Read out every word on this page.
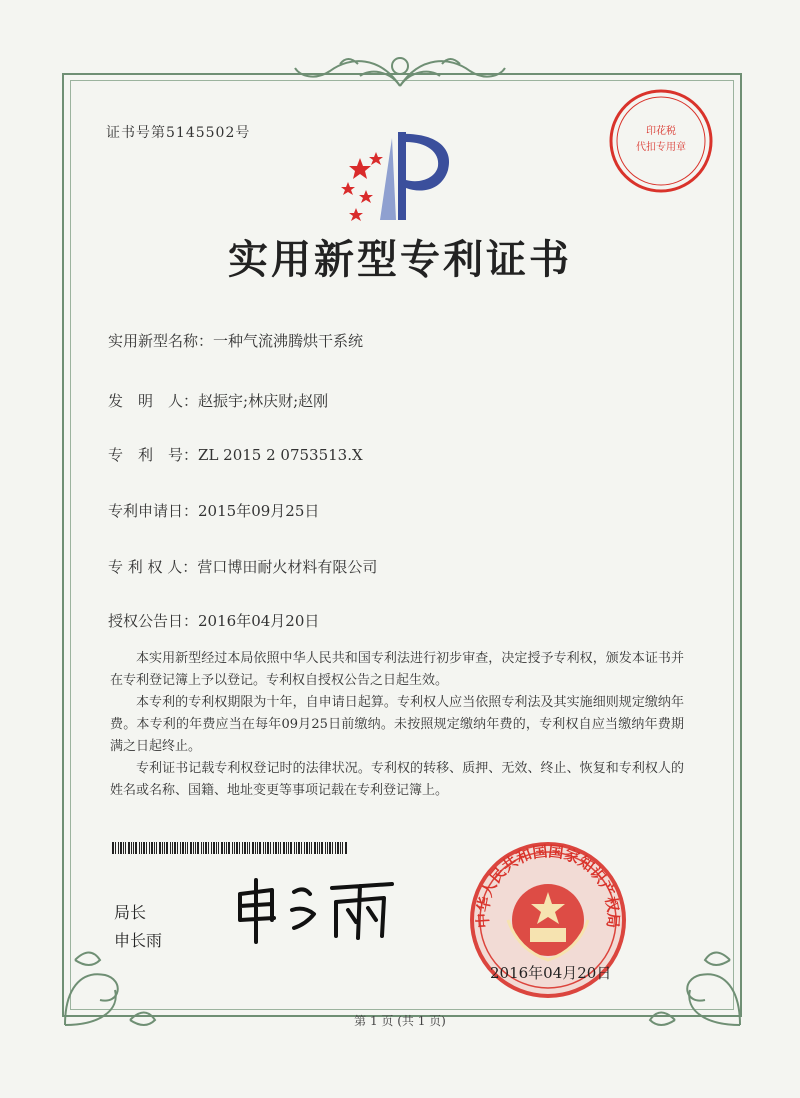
证书号第5145502号	印花税
代扣专用章
实用新型专利证书
实用新型名称：一种气流沸腾烘干系统
发　明　人：赵振宇;林庆财;赵刚
专　利　号：ZL 2015 2 0753513.X
专利申请日：2015年09月25日
专 利 权 人：营口博田耐火材料有限公司
授权公告日：2016年04月20日

本实用新型经过本局依照中华人民共和国专利法进行初步审查，决定授予专利权，颁发本证书并在专利登记簿上予以登记。专利权自授权公告之日起生效。

本专利的专利权期限为十年，自申请日起算。专利权人应当依照专利法及其实施细则规定缴纳年费。本专利的年费应当在每年09月25日前缴纳。未按照规定缴纳年费的，专利权自应当缴纳年费期满之日起终止。

专利证书记载专利权登记时的法律状况。专利权的转移、质押、无效、终止、恢复和专利权人的姓名或名称、国籍、地址变更等事项记载在专利登记簿上。

局长
申长雨
中华人民共和国国家知识产权局
2016年04月20日
第 1 页 (共 1 页)
